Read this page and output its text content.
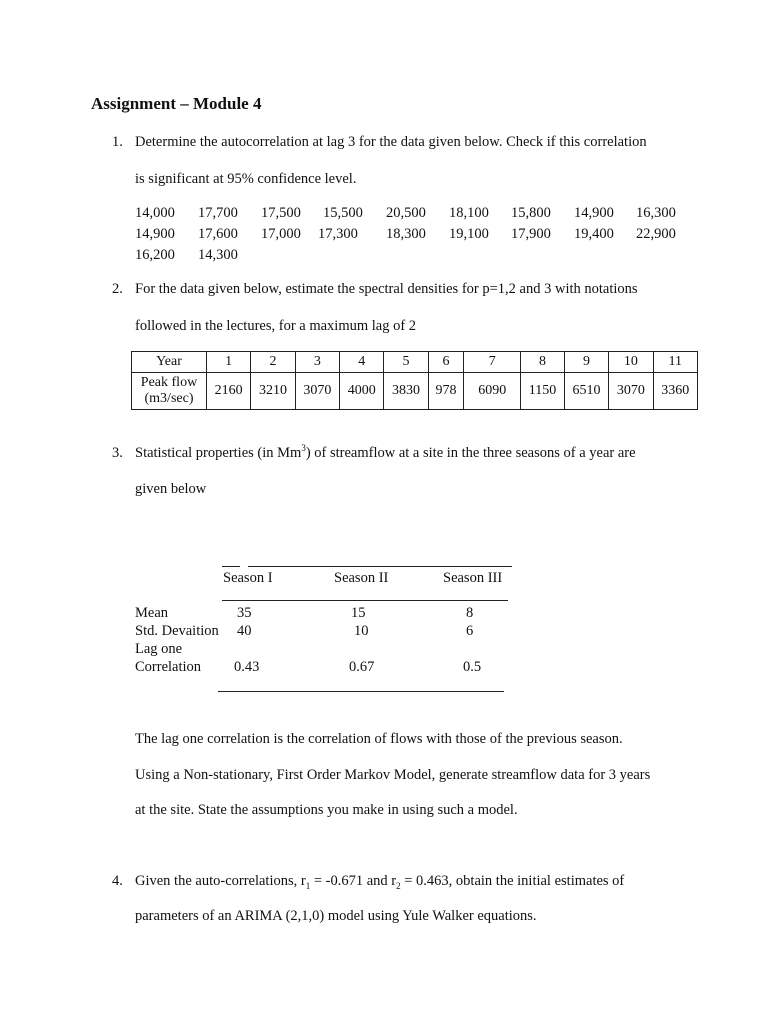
Assignment – Module 4
1. Determine the autocorrelation at lag 3 for the data given below. Check if this correlation
is significant at 95% confidence level.
14,000 17,700 17,500 15,500 20,500 18,100 15,800 14,900 16,300
14,900 17,600 17,000 17,300 18,300 19,100 17,900 19,400 22,900
16,200 14,300
2. For the data given below, estimate the spectral densities for p=1,2 and 3 with notations
followed in the lectures, for a maximum lag of 2
Year	1	2	3	4	5	6	7	8	9	10	11
Peak flow
(m3/sec)	2160	3210	3070	4000	3830	978	6090	1150	6510	3070	3360
3. Statistical properties (in Mm$^3$) of streamflow at a site in the three seasons of a year are
given below
Season I	Season II	Season III
Mean	35	15	8
Std. Devaition 40	10	6
Lag one
Correlation 0.43	0.67	0.5
The lag one correlation is the correlation of flows with those of the previous season.
Using a Non-stationary, First Order Markov Model, generate streamflow data for 3 years
at the site. State the assumptions you make in using such a model.
4. Given the auto-correlations, $r_1 = -0.671$ and $r_2 = 0.463$, obtain the initial estimates of
parameters of an ARIMA (2,1,0) model using Yule Walker equations.
